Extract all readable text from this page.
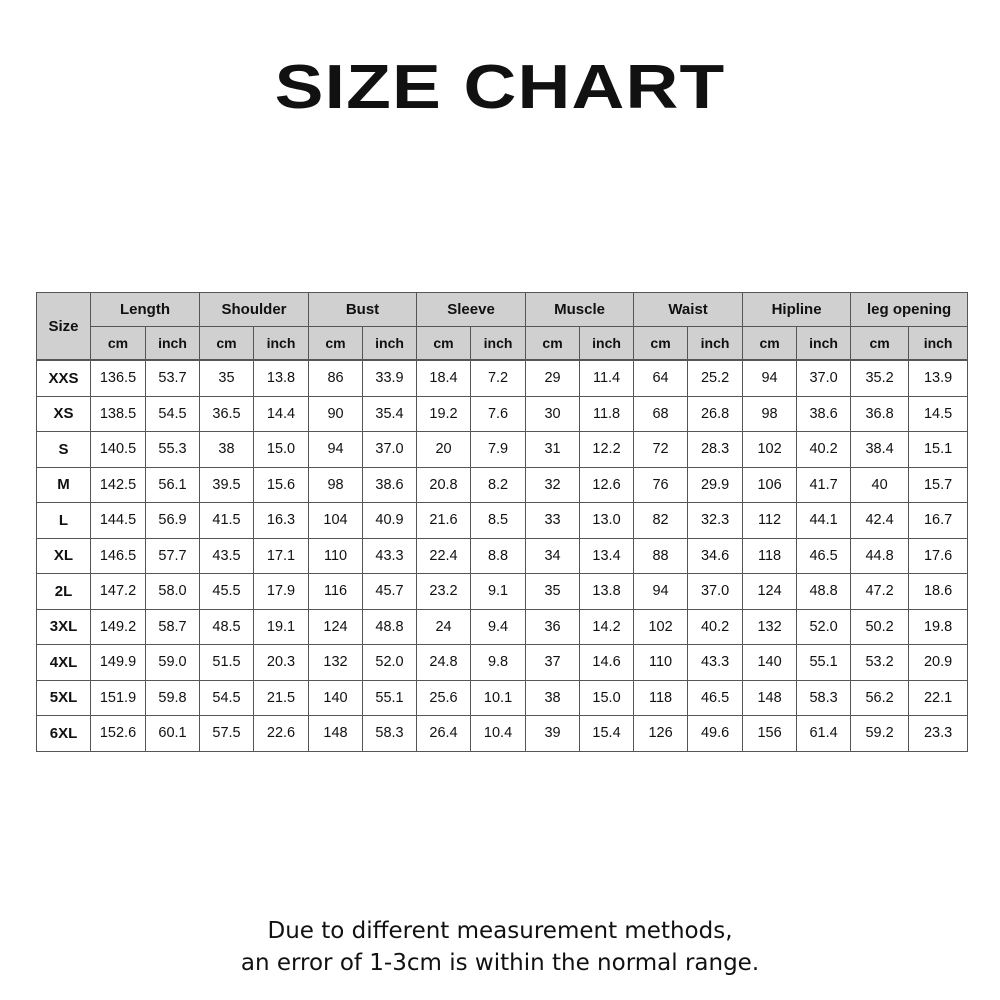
SIZE CHART
Size	Length		Shoulder		Bust		Sleeve		Muscle		Waist		Hipline		leg opening	
	cm	inch	cm	inch	cm	inch	cm	inch	cm	inch	cm	inch	cm	inch	cm	inch
XXS	136.5	53.7	35	13.8	86	33.9	18.4	7.2	29	11.4	64	25.2	94	37.0	35.2	13.9
XS	138.5	54.5	36.5	14.4	90	35.4	19.2	7.6	30	11.8	68	26.8	98	38.6	36.8	14.5
S	140.5	55.3	38	15.0	94	37.0	20	7.9	31	12.2	72	28.3	102	40.2	38.4	15.1
M	142.5	56.1	39.5	15.6	98	38.6	20.8	8.2	32	12.6	76	29.9	106	41.7	40	15.7
L	144.5	56.9	41.5	16.3	104	40.9	21.6	8.5	33	13.0	82	32.3	112	44.1	42.4	16.7
XL	146.5	57.7	43.5	17.1	110	43.3	22.4	8.8	34	13.4	88	34.6	118	46.5	44.8	17.6
2L	147.2	58.0	45.5	17.9	116	45.7	23.2	9.1	35	13.8	94	37.0	124	48.8	47.2	18.6
3XL	149.2	58.7	48.5	19.1	124	48.8	24	9.4	36	14.2	102	40.2	132	52.0	50.2	19.8
4XL	149.9	59.0	51.5	20.3	132	52.0	24.8	9.8	37	14.6	110	43.3	140	55.1	53.2	20.9
5XL	151.9	59.8	54.5	21.5	140	55.1	25.6	10.1	38	15.0	118	46.5	148	58.3	56.2	22.1
6XL	152.6	60.1	57.5	22.6	148	58.3	26.4	10.4	39	15.4	126	49.6	156	61.4	59.2	23.3
Due to different measurement methods,
an error of 1-3cm is within the normal range.
